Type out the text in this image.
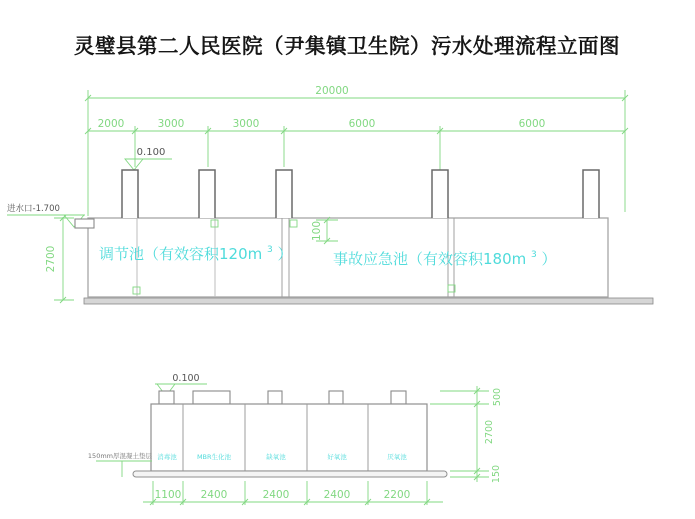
灵璧县第二人民医院（尹集镇卫生院）污水处理流程立面图
20000
2000	3000	3000	6000	6000
0.100
进水口-1.700
2700
100
调节池（有效容积120m $^3$ ）	事故应急池（有效容积180m $^3$ ）
0.100
消毒池	MBR生化池	缺氧池	好氧池	厌氧池
150mm厚混凝土垫层
500
2700
150
1100 2400	2400	2400	2200
